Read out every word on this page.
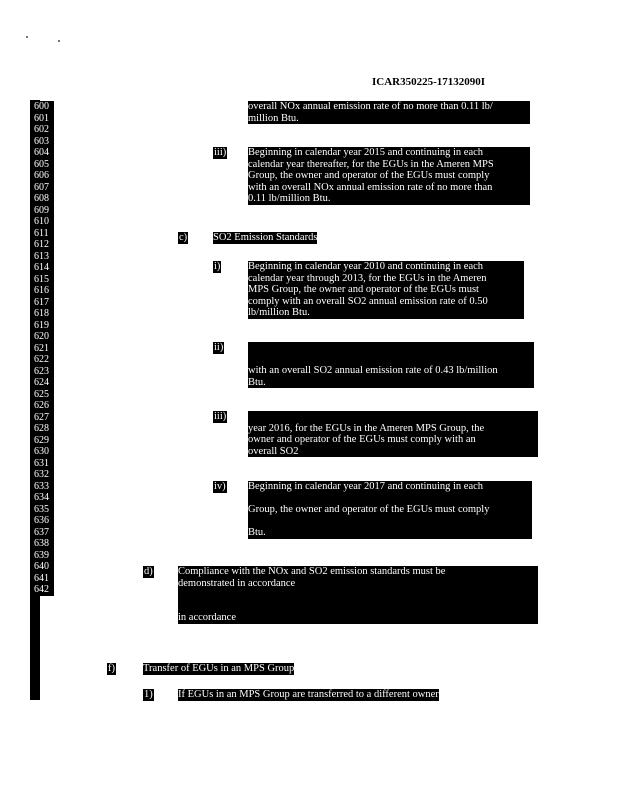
ICAR350225-17132090I
600
601
602
603
604
605
606
607
608
609
610
611
612
613
614
615
616
617
618
619
620
621
622
623
624
625
626
627
628
629
630
631
632
633
634
635
636
637
638
639
640
641
642
overall NOx annual emission rate of no more than 0.11 lb/
million Btu.
iii) Beginning in calendar year 2015 and continuing in each
calendar year thereafter, for the EGUs in the Ameren MPS
Group, the owner and operator of the EGUs must comply
with an overall NOx annual emission rate of no more than
0.11 lb/million Btu.
c) SO2 Emission Standards
i)	Beginning in calendar year 2010 and continuing in each
calendar year through 2013, for the EGUs in the Ameren
MPS Group, the owner and operator of the EGUs must
comply with an overall SO2 annual emission rate of 0.50
lb/million Btu.
ii)
with an overall SO2 annual emission rate of 0.43 lb/million
Btu.
iii)
year 2016, for the EGUs in the Ameren MPS Group, the
owner and operator of the EGUs must comply with an
overall SO2
iv) Beginning in calendar year 2017 and continuing in each
Group, the owner and operator of the EGUs must comply
Btu.
d) Compliance with the NOx and SO2 emission standards must be
demonstrated in accordance
in accordance
f)	Transfer of EGUs in an MPS Group
1) If EGUs in an MPS Group are transferred to a different owner
